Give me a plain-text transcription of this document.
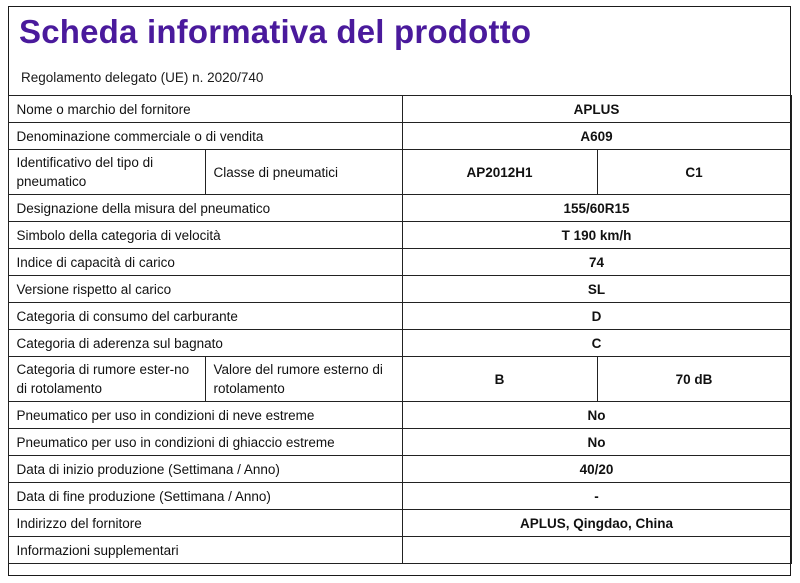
Scheda informativa del prodotto
Regolamento delegato (UE) n. 2020/740
Nome o marchio del fornitore		APLUS	
Denominazione commerciale o di vendita		A609	
Identificativo del tipo di pneumatico	Classe di pneumatici	AP2012H1	C1
Designazione della misura del pneumatico		155/60R15	
Simbolo della categoria di velocità		T 190 km/h	
Indice di capacità di carico		74	
Versione rispetto al carico		SL	
Categoria di consumo del carburante		D	
Categoria di aderenza sul bagnato		C	
Categoria di rumore ester-no di rotolamento	Valore del rumore esterno di rotolamento	B	70 dB
Pneumatico per uso in condizioni di neve estreme		No	
Pneumatico per uso in condizioni di ghiaccio estreme		No	
Data di inizio produzione (Settimana / Anno)		40/20	
Data di fine produzione (Settimana / Anno)		-	
Indirizzo del fornitore		APLUS, Qingdao, China	
Informazioni supplementari			
